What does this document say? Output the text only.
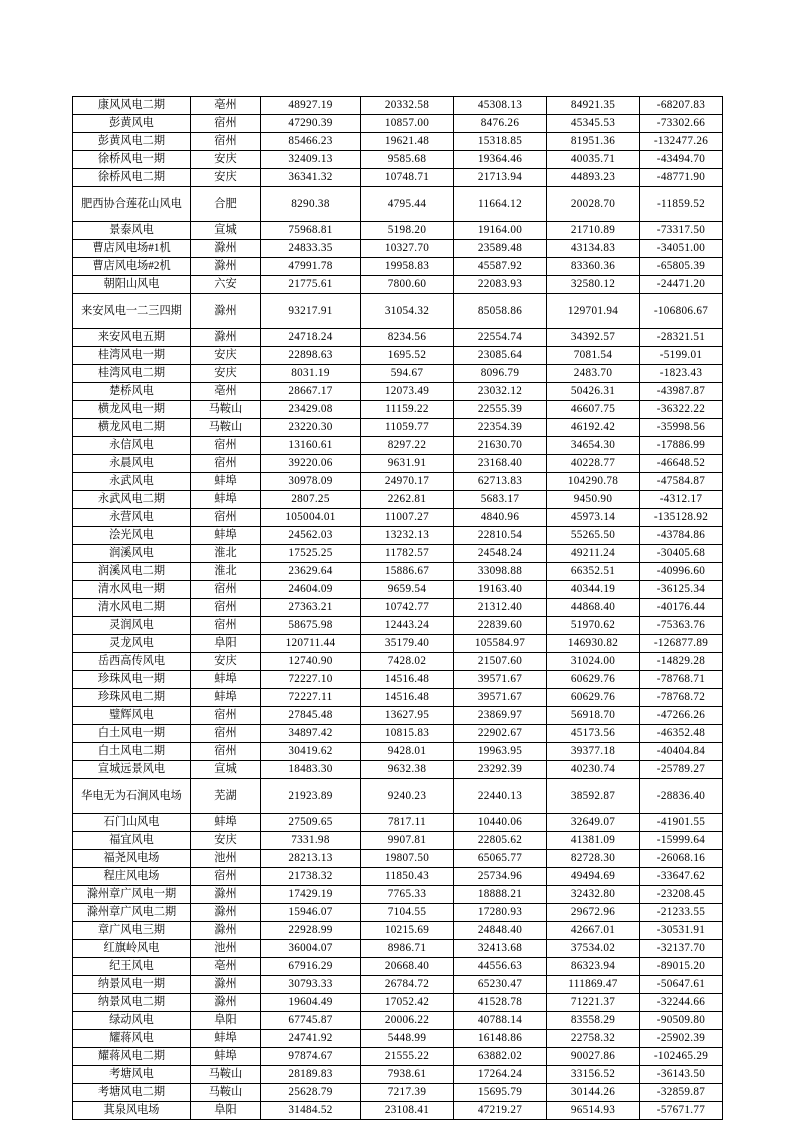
康风风电二期	亳州	48927.19	20332.58	45308.13	84921.35	-68207.83
彭黄风电	宿州	47290.39	10857.00	8476.26	45345.53	-73302.66
彭黄风电二期	宿州	85466.23	19621.48	15318.85	81951.36	-132477.26
徐桥风电一期	安庆	32409.13	9585.68	19364.46	40035.71	-43494.70
徐桥风电二期	安庆	36341.32	10748.71	21713.94	44893.23	-48771.90
肥西协合莲花山风电	合肥	8290.38	4795.44	11664.12	20028.70	-11859.52
景泰风电	宣城	75968.81	5198.20	19164.00	21710.89	-73317.50
曹店风电场#1机	滁州	24833.35	10327.70	23589.48	43134.83	-34051.00
曹店风电场#2机	滁州	47991.78	19958.83	45587.92	83360.36	-65805.39
朝阳山风电	六安	21775.61	7800.60	22083.93	32580.12	-24471.20
来安风电一二三四期	滁州	93217.91	31054.32	85058.86	129701.94	-106806.67
来安风电五期	滁州	24718.24	8234.56	22554.74	34392.57	-28321.51
桂湾风电一期	安庆	22898.63	1695.52	23085.64	7081.54	-5199.01
桂湾风电二期	安庆	8031.19	594.67	8096.79	2483.70	-1823.43
楚桥风电	亳州	28667.17	12073.49	23032.12	50426.31	-43987.87
横龙风电一期	马鞍山	23429.08	11159.22	22555.39	46607.75	-36322.22
横龙风电二期	马鞍山	23220.30	11059.77	22354.39	46192.42	-35998.56
永信风电	宿州	13160.61	8297.22	21630.70	34654.30	-17886.99
永晨风电	宿州	39220.06	9631.91	23168.40	40228.77	-46648.52
永武风电	蚌埠	30978.09	24970.17	62713.83	104290.78	-47584.87
永武风电二期	蚌埠	2807.25	2262.81	5683.17	9450.90	-4312.17
永营风电	宿州	105004.01	11007.27	4840.96	45973.14	-135128.92
浍光风电	蚌埠	24562.03	13232.13	22810.54	55265.50	-43784.86
润溪风电	淮北	17525.25	11782.57	24548.24	49211.24	-30405.68
润溪风电二期	淮北	23629.64	15886.67	33098.88	66352.51	-40996.60
清水风电一期	宿州	24604.09	9659.54	19163.40	40344.19	-36125.34
清水风电二期	宿州	27363.21	10742.77	21312.40	44868.40	-40176.44
灵润风电	宿州	58675.98	12443.24	22839.60	51970.62	-75363.76
灵龙风电	阜阳	120711.44	35179.40	105584.97	146930.82	-126877.89
岳西高传风电	安庆	12740.90	7428.02	21507.60	31024.00	-14829.28
珍珠风电一期	蚌埠	72227.10	14516.48	39571.67	60629.76	-78768.71
珍珠风电二期	蚌埠	72227.11	14516.48	39571.67	60629.76	-78768.72
璧辉风电	宿州	27845.48	13627.95	23869.97	56918.70	-47266.26
白土风电一期	宿州	34897.42	10815.83	22902.67	45173.56	-46352.48
白土风电二期	宿州	30419.62	9428.01	19963.95	39377.18	-40404.84
宣城远景风电	宣城	18483.30	9632.38	23292.39	40230.74	-25789.27
华电无为石涧风电场	芜湖	21923.89	9240.23	22440.13	38592.87	-28836.40
石门山风电	蚌埠	27509.65	7817.11	10440.06	32649.07	-41901.55
福宜风电	安庆	7331.98	9907.81	22805.62	41381.09	-15999.64
福尧风电场	池州	28213.13	19807.50	65065.77	82728.30	-26068.16
程庄风电场	宿州	21738.32	11850.43	25734.96	49494.69	-33647.62
滁州章广风电一期	滁州	17429.19	7765.33	18888.21	32432.80	-23208.45
滁州章广风电二期	滁州	15946.07	7104.55	17280.93	29672.96	-21233.55
章广风电三期	滁州	22928.99	10215.69	24848.40	42667.01	-30531.91
红旗岭风电	池州	36004.07	8986.71	32413.68	37534.02	-32137.70
纪王风电	亳州	67916.29	20668.40	44556.63	86323.94	-89015.20
纳景风电一期	滁州	30793.33	26784.72	65230.47	111869.47	-50647.61
纳景风电二期	滁州	19604.49	17052.42	41528.78	71221.37	-32244.66
绿动风电	阜阳	67745.87	20006.22	40788.14	83558.29	-90509.80
耀蒋风电	蚌埠	24741.92	5448.99	16148.86	22758.32	-25902.39
耀蒋风电二期	蚌埠	97874.67	21555.22	63882.02	90027.86	-102465.29
考塘风电	马鞍山	28189.83	7938.61	17264.24	33156.52	-36143.50
考塘风电二期	马鞍山	25628.79	7217.39	15695.79	30144.26	-32859.87
萁泉风电场	阜阳	31484.52	23108.41	47219.27	96514.93	-57671.77
